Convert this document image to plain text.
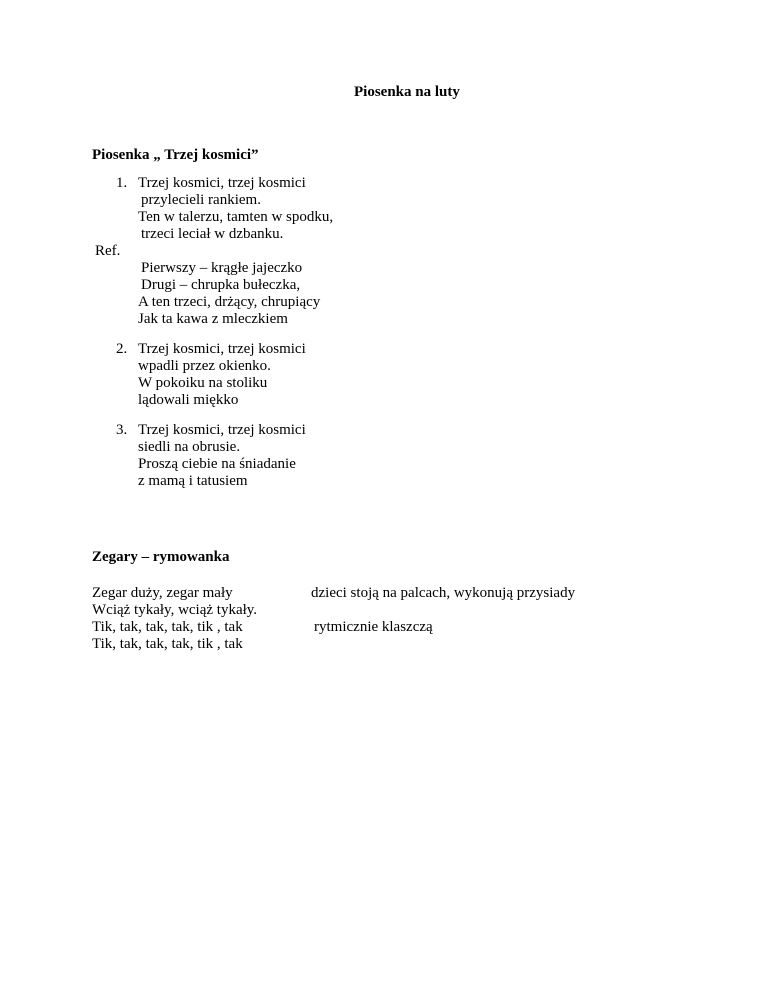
Piosenka na luty
Piosenka „ Trzej kosmici”
1. Trzej kosmici, trzej kosmici
przylecieli rankiem.
Ten w talerzu, tamten w spodku,
trzeci leciał w dzbanku.
Ref.
Pierwszy – krągłe jajeczko
Drugi – chrupka bułeczka,
A ten trzeci, drżący, chrupiący
Jak ta kawa z mleczkiem
2. Trzej kosmici, trzej kosmici
wpadli przez okienko.
W pokoiku na stoliku
lądowali miękko
3. Trzej kosmici, trzej kosmici
siedli na obrusie.
Proszą ciebie na śniadanie
z mamą i tatusiem
Zegary – rymowanka
Zegar duży, zegar mały
Wciąż tykały, wciąż tykały.
Tik, tak, tak, tak, tik , tak
Tik, tak, tak, tak, tik , tak
dzieci stoją na palcach, wykonują przysiady
rytmicznie klaszczą
